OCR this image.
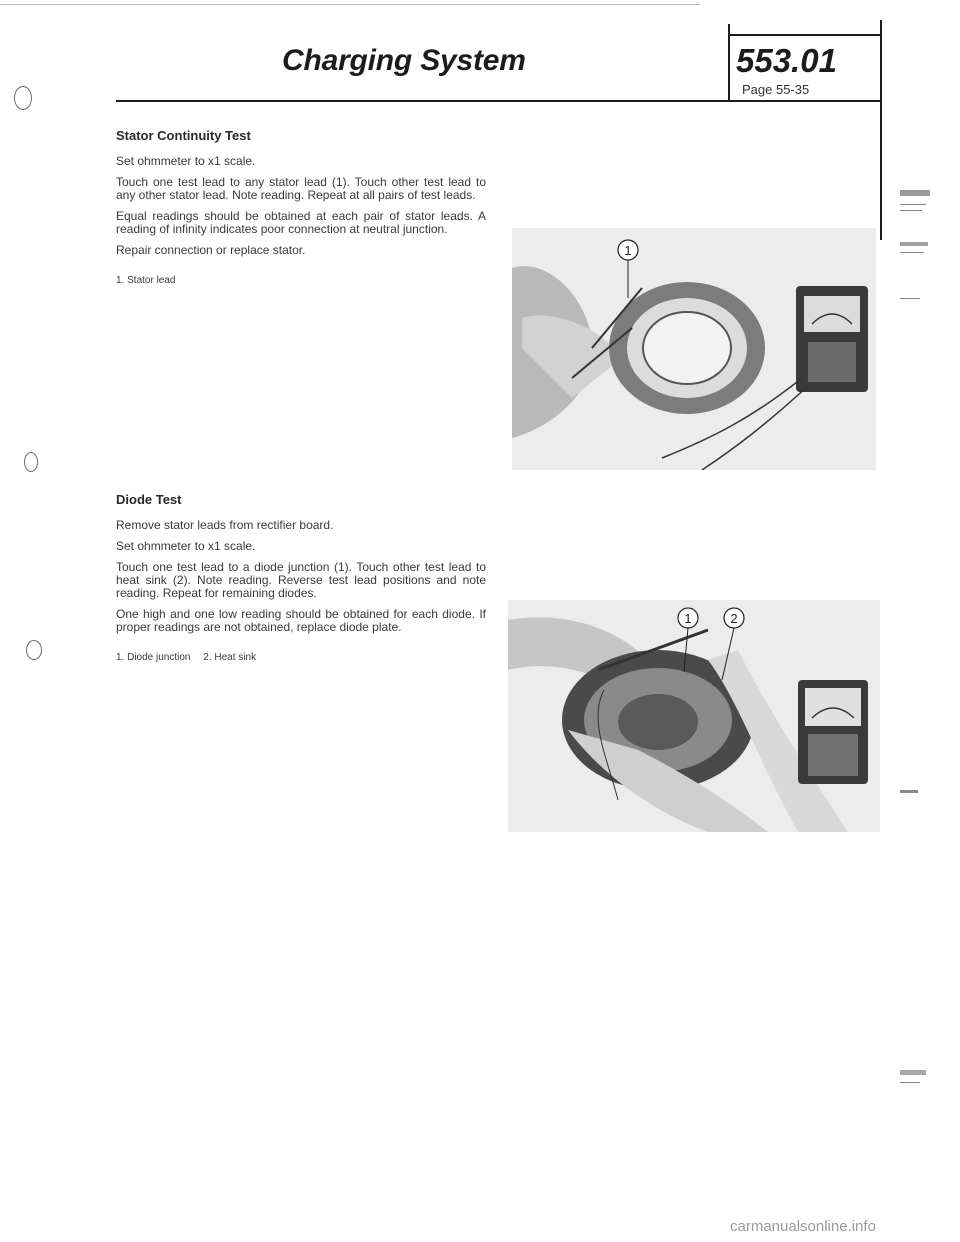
Charging System	553.01
Page 55-35
Stator Continuity Test

Set ohmmeter to x1 scale.

Touch one test lead to any stator lead (1). Touch other test lead to any other stator lead. Note reading. Repeat at all pairs of test leads.

Equal readings should be obtained at each pair of stator leads. A reading of infinity indicates poor connection at neutral junction.

Repair connection or replace stator.

1. Stator lead
1
Diode Test

Remove stator leads from rectifier board.

Set ohmmeter to x1 scale.

Touch one test lead to a diode junction (1). Touch other test lead to heat sink (2). Note reading. Reverse test lead positions and note reading. Repeat for remaining diodes.

One high and one low reading should be obtained for each diode. If proper readings are not obtained, replace diode plate.

1. Diode junction 2. Heat sink
1	2
carmanualsonline.info
